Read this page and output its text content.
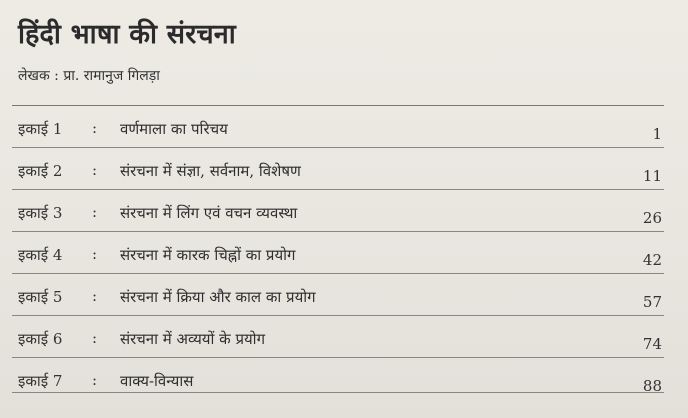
हिंदी भाषा की संरचना
लेखक : प्रा. रामानुज गिलड़ा
इकाई 1 : वर्णमाला का परिचय	1
इकाई 2 : संरचना में संज्ञा, सर्वनाम, विशेषण	11
इकाई 3 : संरचना में लिंग एवं वचन व्यवस्था	26
इकाई 4 : संरचना में कारक चिह्नों का प्रयोग	42
इकाई 5 : संरचना में क्रिया और काल का प्रयोग	57
इकाई 6 : संरचना में अव्ययों के प्रयोग	74
इकाई 7 : वाक्य-विन्यास	88
